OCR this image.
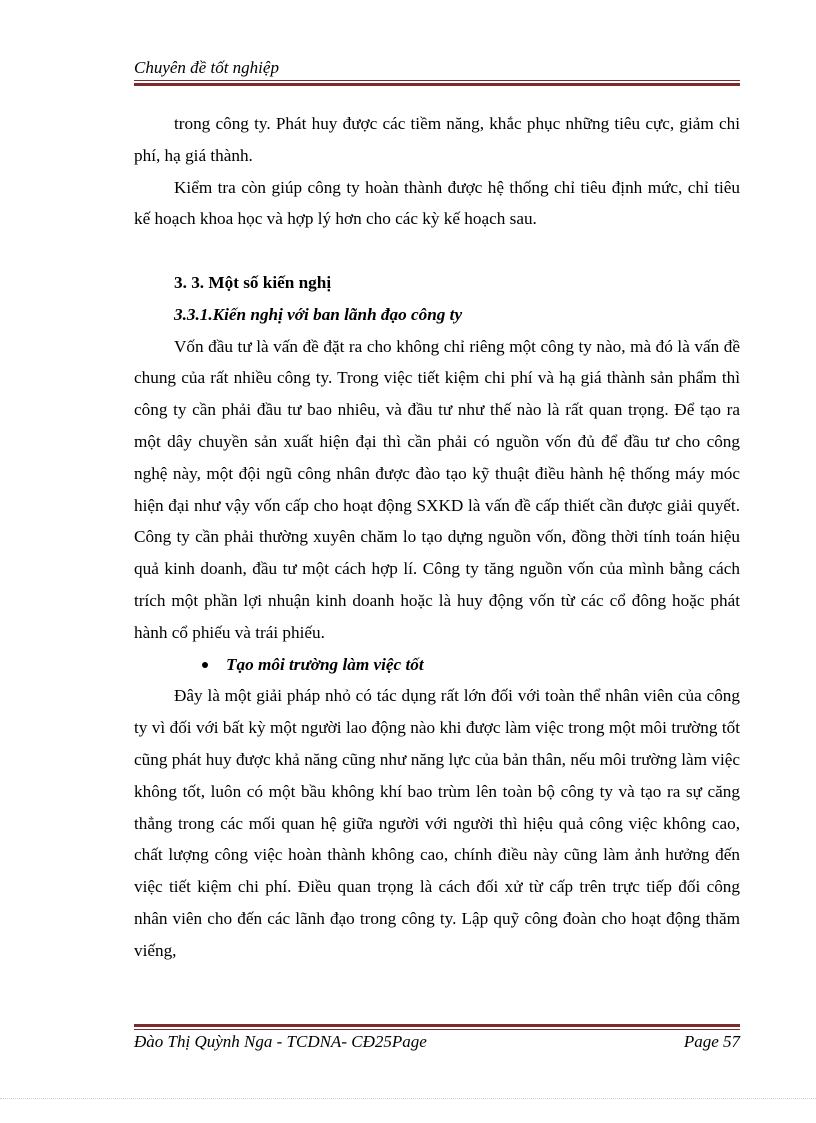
Chuyên đề tốt nghiệp

trong công ty. Phát huy được các tiềm năng, khắc phục những tiêu cực, giảm chi phí, hạ giá thành.

Kiểm tra còn giúp công ty hoàn thành được hệ thống chỉ tiêu định mức, chỉ tiêu kế hoạch khoa học và hợp lý hơn cho các kỳ kế hoạch sau.

3. 3. Một số kiến nghị

3.3.1.Kiến nghị với ban lãnh đạo công ty

Vốn đầu tư là vấn đề đặt ra cho không chỉ riêng một công ty nào, mà đó là vấn đề chung của rất nhiều công ty. Trong việc tiết kiệm chi phí và hạ giá thành sản phẩm thì công ty cần phải đầu tư bao nhiêu, và đầu tư như thế nào là rất quan trọng. Để tạo ra một dây chuyền sản xuất hiện đại thì cần phải có nguồn vốn đủ để đầu tư cho công nghệ này, một đội ngũ công nhân được đào tạo kỹ thuật điều hành hệ thống máy móc hiện đại như vậy vốn cấp cho hoạt động SXKD là vấn đề cấp thiết cần được giải quyết. Công ty cần phải thường xuyên chăm lo tạo dựng nguồn vốn, đồng thời tính toán hiệu quả kinh doanh, đầu tư một cách hợp lí. Công ty tăng nguồn vốn của mình bằng cách trích một phần lợi nhuận kinh doanh hoặc là huy động vốn từ các cổ đông hoặc phát hành cổ phiếu và trái phiếu.

Tạo môi trường làm việc tốt

Đây là một giải pháp nhỏ có tác dụng rất lớn đối với toàn thể nhân viên của công ty vì đối với bất kỳ một người lao động nào khi được làm việc trong một môi trường tốt cũng phát huy được khả năng cũng như năng lực của bản thân, nếu môi trường làm việc không tốt, luôn có một bầu không khí bao trùm lên toàn bộ công ty và tạo ra sự căng thẳng trong các mối quan hệ giữa người với người thì hiệu quả công việc không cao, chất lượng công việc hoàn thành không cao, chính điều này cũng làm ảnh hưởng đến việc tiết kiệm chi phí. Điều quan trọng là cách đối xử từ cấp trên trực tiếp đối công nhân viên cho đến các lãnh đạo trong công ty. Lập quỹ công đoàn cho hoạt động thăm viếng,

Đào Thị Quỳnh Nga - TCDNA- CĐ25Page	Page 57
